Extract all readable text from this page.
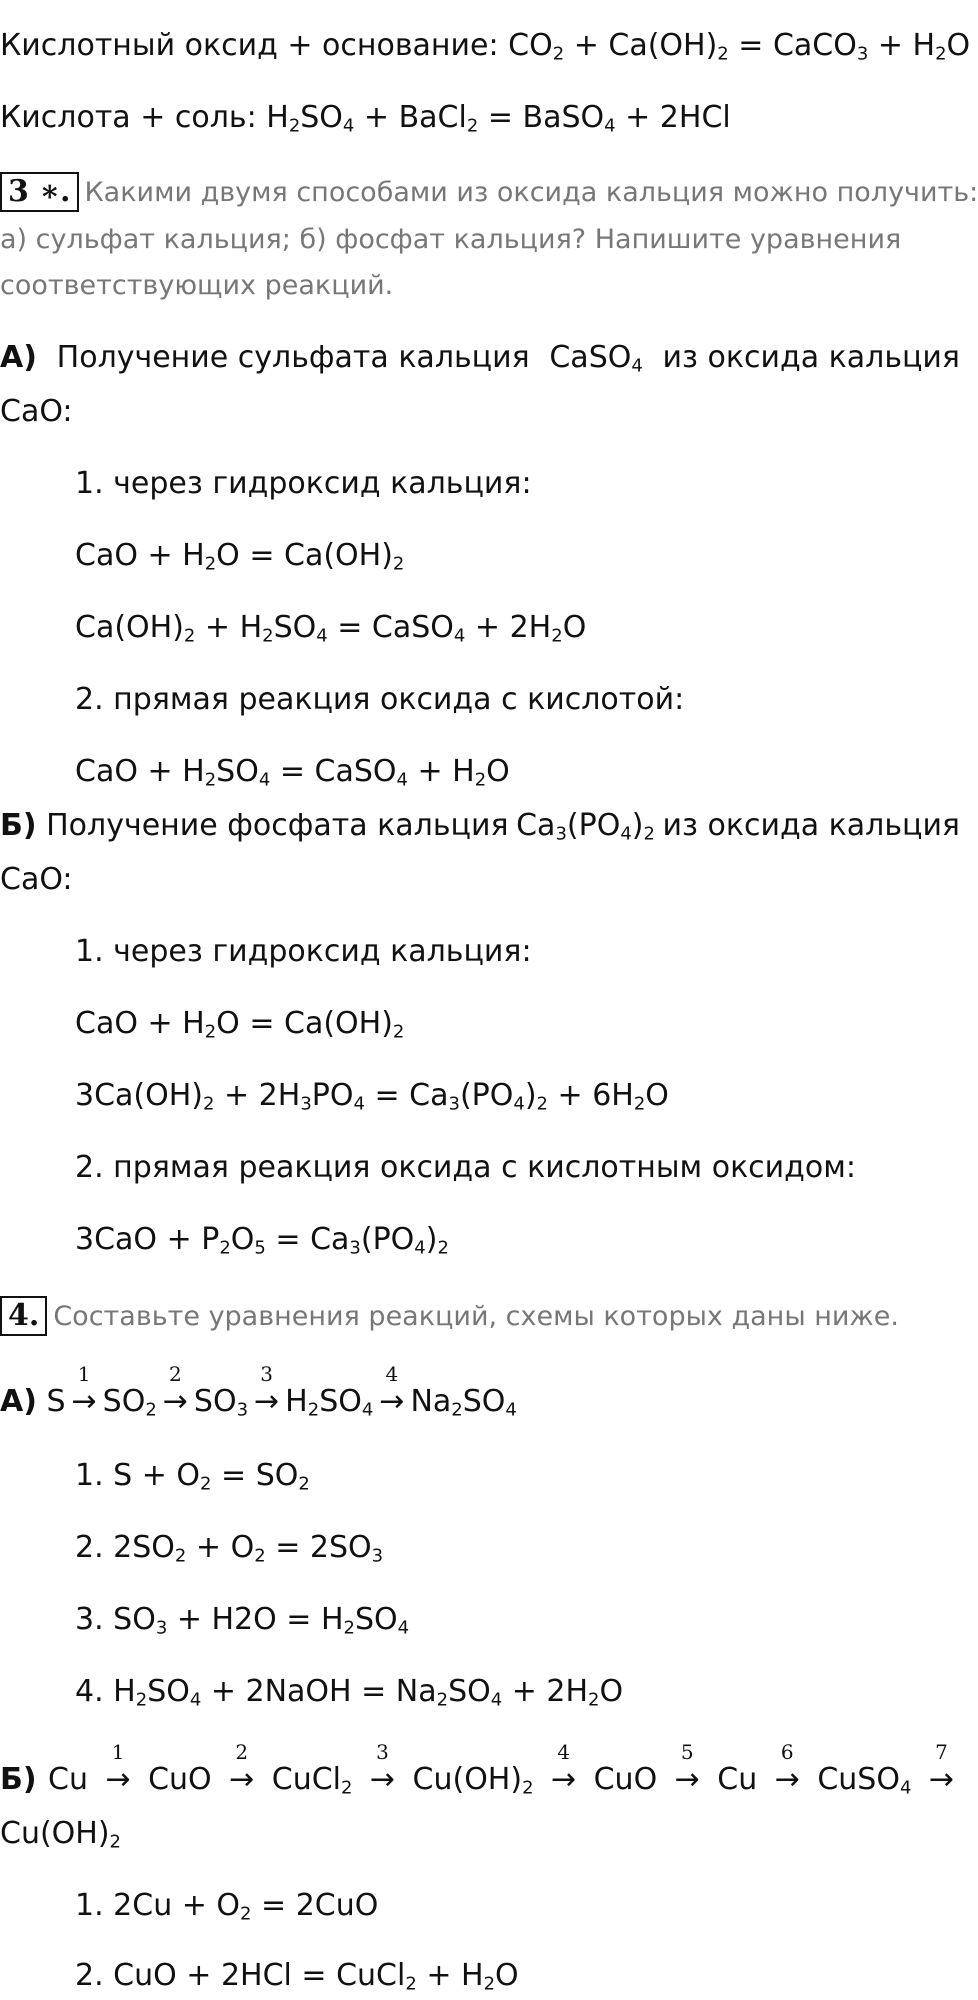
Кислотный оксид + основание: $CO_2 + Ca(OH)_2$ = CaCO$_3$ + $H_2O$
Кислота + соль: $H_2SO_4$ + BaCl$_2$ = BaSO$_4$ + 2HCl
3 ∗. Какими двумя способами из оксида кальция можно получить:
а) сульфат кальция; б) фосфат кальция? Напишите уравнения
соответствующих реакций.
А) Получение сульфата кальция CaSO$_4$ из оксида кальция
CaO:
1. через гидроксид кальция:
CaO + $H_2O = Ca(OH)_2$
$Ca(OH)_2 + H_2SO_4$ = CaSO$_4$ + $2H_2O$
2. прямая реакция оксида с кислотой:
CaO + $H_2SO_4$ = CaSO$_4$ + $H_2O$
Б) Получение фосфата кальция $Ca_3(PO_4)_2$ из оксида кальция
CaO:
1. через гидроксид кальция:
CaO + $H_2O = Ca(OH)_2$
$3Ca(OH)_2 + 2H_3PO_4 = Ca_3(PO_4)_2 + 6H_2O$
2. прямая реакция оксида с кислотным оксидом:
$3CaO + P_2O_5 = Ca_3(PO_4)_2$
4. Составьте уравнения реакций, схемы которых даны ниже.
А) S
1
→ $SO_2$
2
→ $SO_3$
3
→ $H_2SO_4$
4
→ $Na_2SO_4$
1. $S + O_2 = SO_2$
2. $2SO_2 + O_2 = 2SO_3$
3. $SO_3 + H2O = H_2SO_4$
4. $H_2SO_4$ + 2NaOH = $Na_2SO_4 + 2H_2O$
Б) Cu
1
→ CuO
2
→ CuCl$_2$
3
→ $Cu(OH)_2$
4
→ CuO
5
→ Cu
6
→ CuSO$_4$
7
→
$Cu(OH)_2$
1. $2Cu + O_2 = 2CuO$
2. CuO + 2HCl = CuCl$_2$ + $H_2O$
